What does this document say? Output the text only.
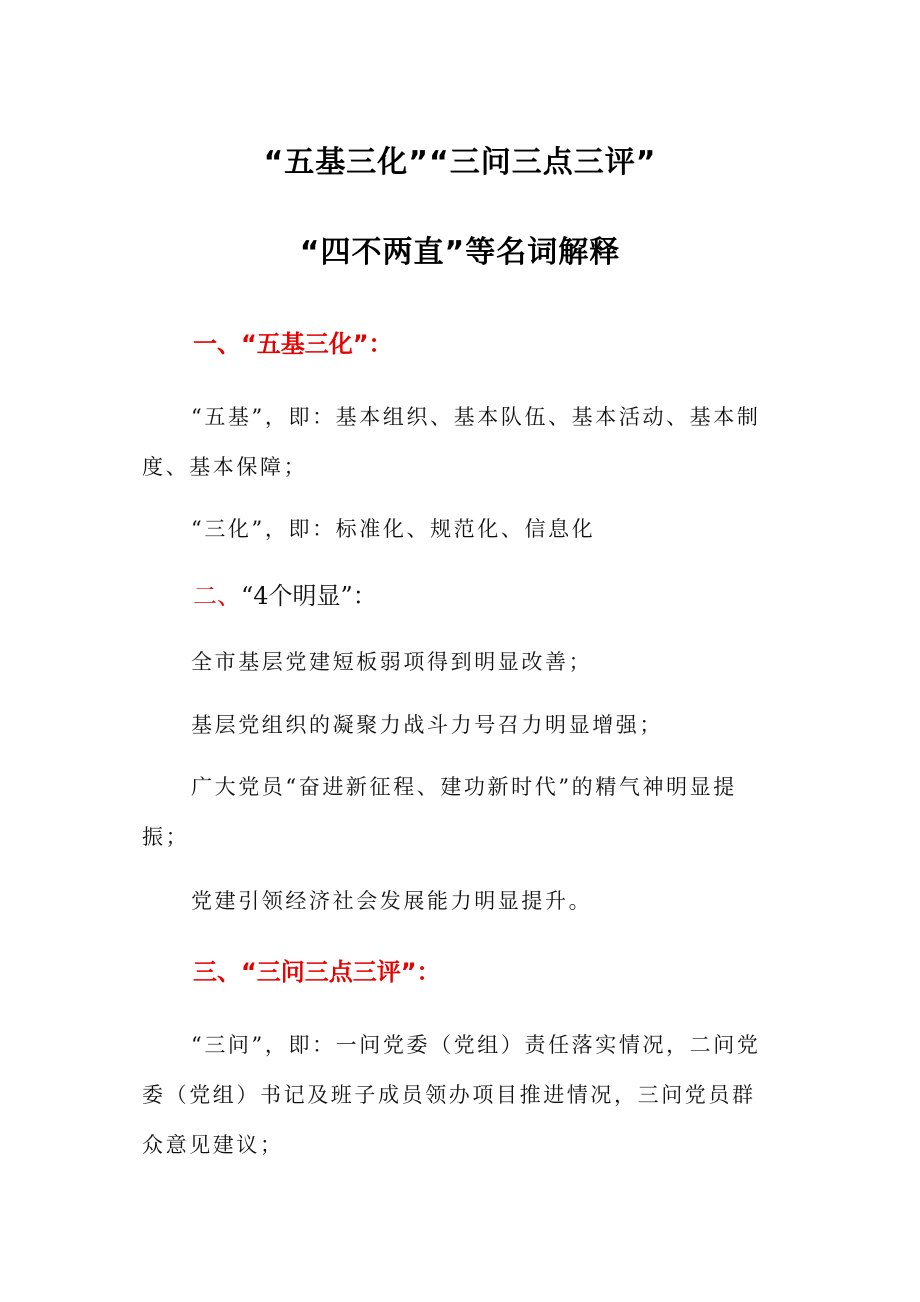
“五基三化”“三问三点三评”
“四不两直”等名词解释
一、“五基三化”：

“五基”，即：基本组织、基本队伍、基本活动、基本制度、基本保障；

“三化”，即：标准化、规范化、信息化

二、“4个明显”：

全市基层党建短板弱项得到明显改善；

基层党组织的凝聚力战斗力号召力明显增强；

广大党员“奋进新征程、建功新时代”的精气神明显提振；

党建引领经济社会发展能力明显提升。

三、“三问三点三评”：

“三问”，即：一问党委（党组）责任落实情况，二问党委（党组）书记及班子成员领办项目推进情况，三问党员群众意见建议；
